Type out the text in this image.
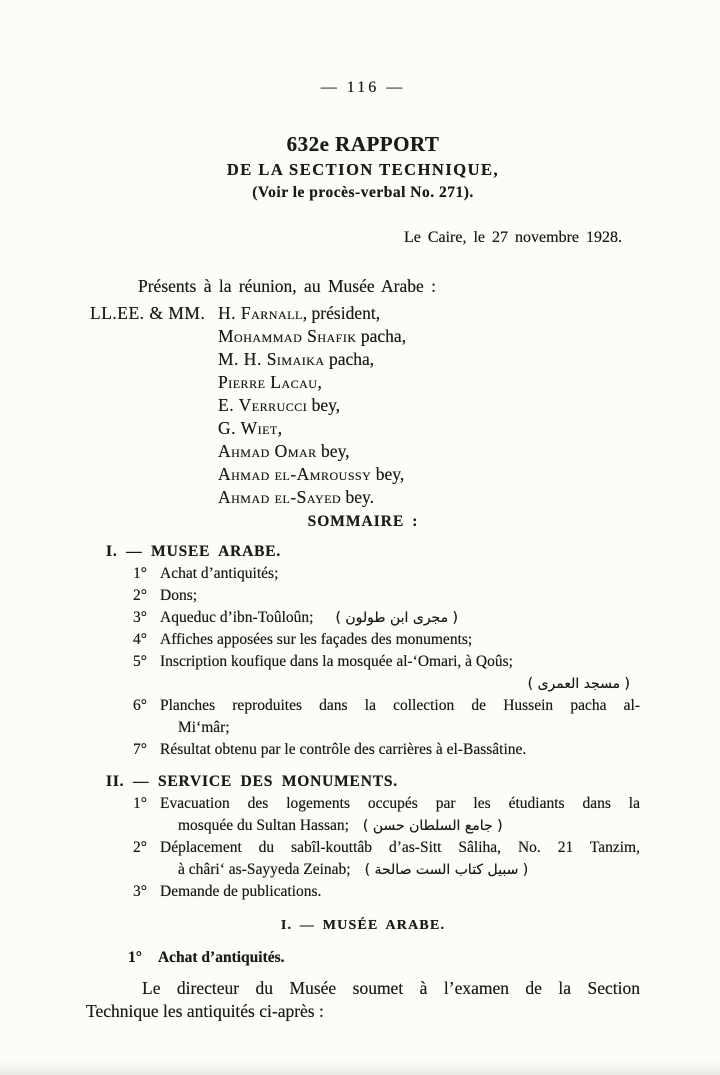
— 116 —
632e RAPPORT
DE LA SECTION TECHNIQUE,
(Voir le procès-verbal No. 271).
Le Caire, le 27 novembre 1928.

Présents à la réunion, au Musée Arabe :

LL.EE. & MM. H. Farnall, président,
Mohammad Shafik pacha,
M. H. Simaika pacha,
Pierre Lacau,
E. Verrucci bey,
G. Wiet,
Ahmad Omar bey,
Ahmad el-Amroussy bey,
Ahmad el-Sayed bey.
SOMMAIRE :
I. — MUSEE ARABE.
1° Achat d’antiquités;
2° Dons;
3° Aqueduc d’ibn-Toûloûn; ( مجرى ابن طولون )
4° Affiches apposées sur les façades des monuments;
5° Inscription koufique dans la mosquée al-‘Omari, à Qoûs;
( مسجد العمرى )
6° Planches reproduites dans la collection de Hussein pacha al-
Mi‘mâr;
7° Résultat obtenu par le contrôle des carrières à el-Bassâtine.
II. — SERVICE DES MONUMENTS.
1° Evacuation des logements occupés par les étudiants dans la
mosquée du Sultan Hassan; ( جامع السلطان حسن )
2° Déplacement du sabîl-kouttâb d’as-Sitt Sâliha, No. 21 Tanzim,
à châri‘ as-Sayyeda Zeinab; ( سبيل كتاب الست صالحة )
3° Demande de publications.
I. — MUSÉE ARABE.
1° Achat d’antiquités.
Le directeur du Musée soumet à l’examen de la Section
Technique les antiquités ci-après :
